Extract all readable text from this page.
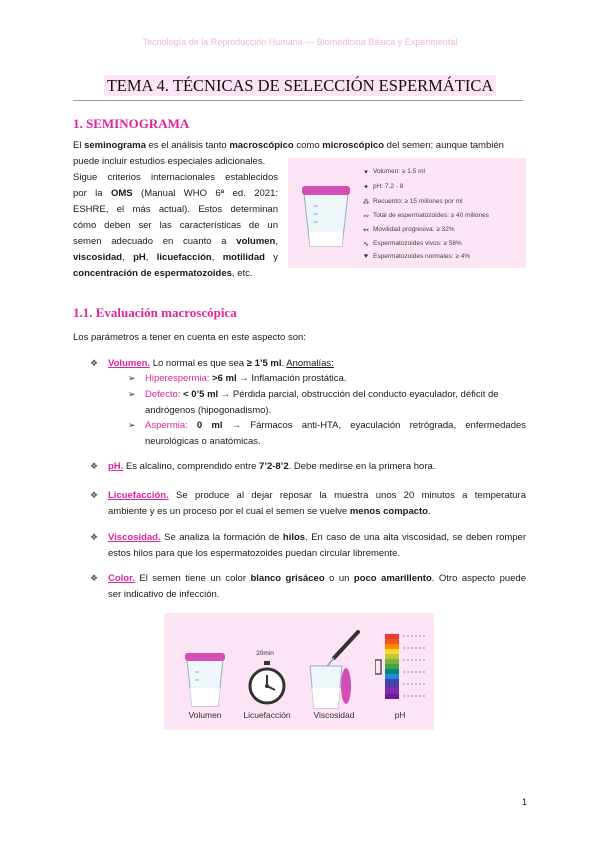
Tecnología de la Reproducción Humana — Biomedicina Básica y Experimental
TEMA 4. TÉCNICAS DE SELECCIÓN ESPERMÁTICA
1. SEMINOGRAMA
El seminograma es el análisis tanto macroscópico como microscópico del semen; aunque también
puede incluir estudios especiales adicionales.
Sigue criterios internacionales establecidos
por la OMS (Manual WHO 6ª ed. 2021:
ESHRE, el más actual). Estos determinan
cómo deben ser las características de un
semen adecuado en cuanto a volumen,
viscosidad, pH, licuefacción, motilidad y
concentración de espermatozoides, etc.
▾ Volumen: ≥ 1.5 ml
✦ pH: 7.2 - 8
⁂ Recuento: ≥ 15 millones por ml
∾ Total de espermatozoides: ≥ 40 millones
↢ Movilidad progresiva: ≥ 32%
∿ Espermatozoides vivos: ≥ 58%
♥ Espermatozoides normales: ≥ 4%
1.1. Evaluación macroscópica
Los parámetros a tener en cuenta en este aspecto son:
❖ Volumen. Lo normal es que sea ≥ 1’5 ml. Anomalías:
➢ Hiperespermia: >6 ml → Inflamación prostática.
➢ Defecto: < 0’5 ml → Pérdida parcial, obstrucción del conducto eyaculador, déficit de
andrógenos (hipogonadismo).
➢ Aspermia: 0 ml → Fármacos anti-HTA, eyaculación retrógrada, enfermedades
neurológicas o anatómicas.
❖ pH. Es alcalino, comprendido entre 7’2-8’2. Debe medirse en la primera hora.
❖ Licuefacción. Se produce al dejar reposar la muestra unos 20 minutos a temperatura
ambiente y es un proceso por el cual el semen se vuelve menos compacto.
❖ Viscosidad. Se analiza la formación de hilos. En caso de una alta viscosidad, se deben romper
estos hilos para que los espermatozoides puedan circular libremente.
❖ Color. El semen tiene un color blanco grisáceo o un poco amarillento. Otro aspecto puede
ser indicativo de infección.
20min
Volumen	Licuefacción	Viscosidad	pH
1
